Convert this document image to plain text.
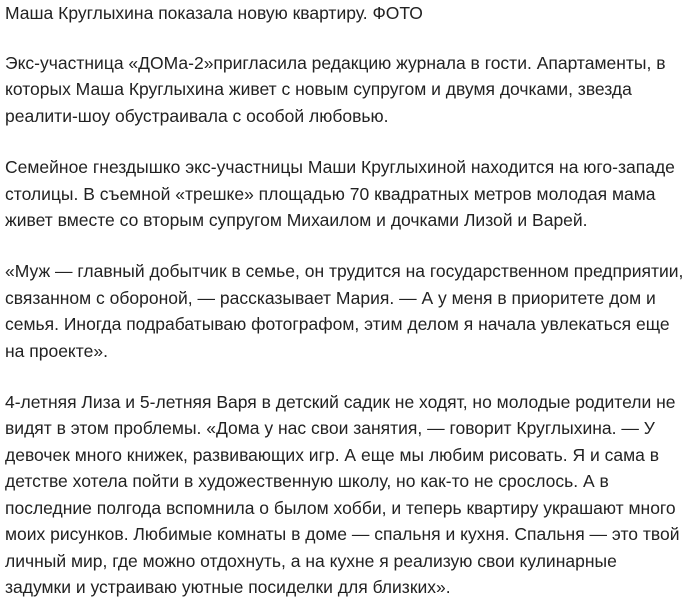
Маша Круглыхина показала новую квартиру. ФОТО

Экс-участница «ДОМа-2»пригласила редакцию журнала в гости. Апартаменты, в
которых Маша Круглыхина живет с новым супругом и двумя дочками, звезда
реалити-шоу обустраивала с особой любовью.

Семейное гнездышко экс-участницы Маши Круглыхиной находится на юго-западе
столицы. В съемной «трешке» площадью 70 квадратных метров молодая мама
живет вместе со вторым супругом Михаилом и дочками Лизой и Варей.

«Муж — главный добытчик в семье, он трудится на государственном предприятии,
связанном с обороной, — рассказывает Мария. — А у меня в приоритете дом и
семья. Иногда подрабатываю фотографом, этим делом я начала увлекаться еще
на проекте».

4-летняя Лиза и 5-летняя Варя в детский садик не ходят, но молодые родители не
видят в этом проблемы. «Дома у нас свои занятия, — говорит Круглыхина. — У
девочек много книжек, развивающих игр. А еще мы любим рисовать. Я и сама в
детстве хотела пойти в художественную школу, но как-то не срослось. А в
последние полгода вспомнила о былом хобби, и теперь квартиру украшают много
моих рисунков. Любимые комнаты в доме — спальня и кухня. Спальня — это твой
личный мир, где можно отдохнуть, а на кухне я реализую свои кулинарные
задумки и устраиваю уютные посиделки для близких».
